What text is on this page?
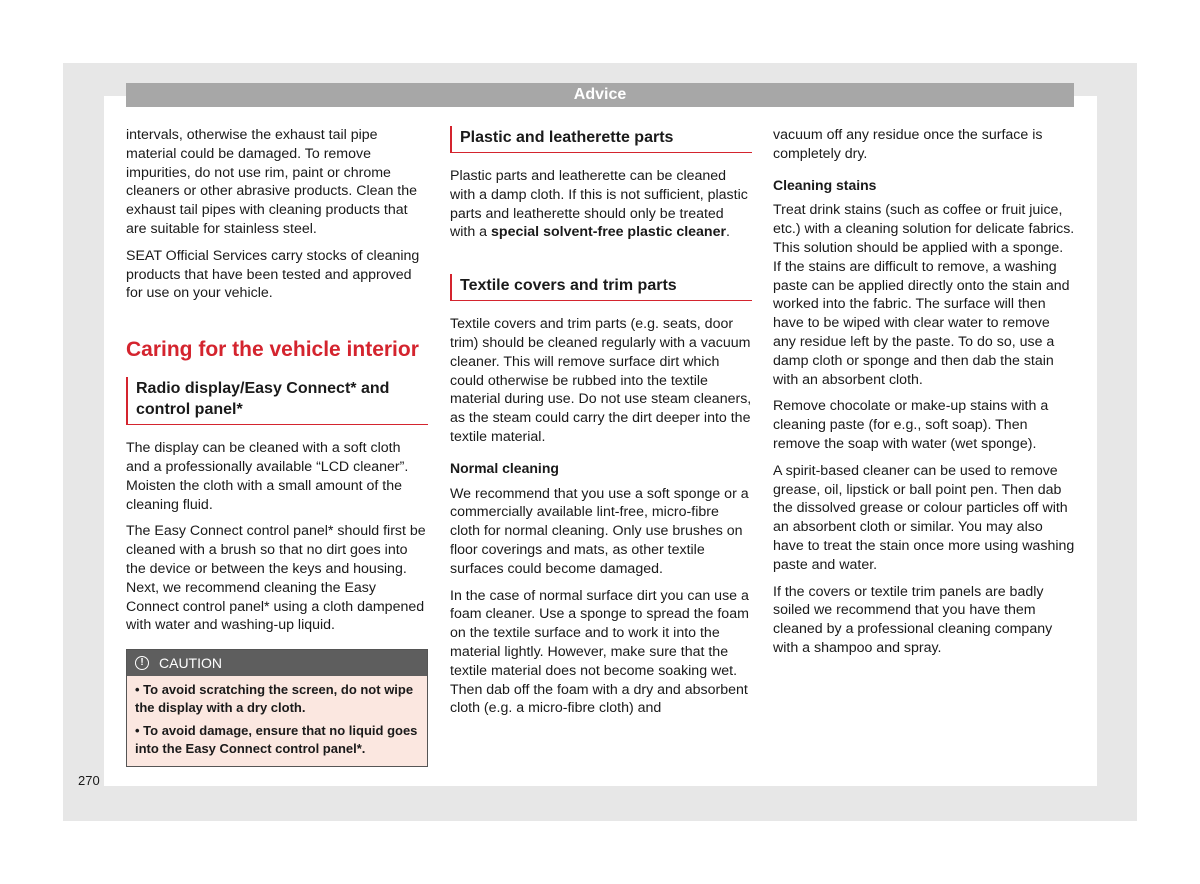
Advice

intervals, otherwise the exhaust tail pipe material could be damaged. To remove impurities, do not use rim, paint or chrome cleaners or other abrasive products. Clean the exhaust tail pipes with cleaning products that are suitable for stainless steel.

SEAT Official Services carry stocks of cleaning products that have been tested and approved for use on your vehicle.

Caring for the vehicle interior
Radio display/Easy Connect* and control panel*

The display can be cleaned with a soft cloth and a professionally available “LCD cleaner”. Moisten the cloth with a small amount of the cleaning fluid.

The Easy Connect control panel* should first be cleaned with a brush so that no dirt goes into the device or between the keys and housing. Next, we recommend cleaning the Easy Connect control panel* using a cloth dampened with water and washing-up liquid.

!	CAUTION

• To avoid scratching the screen, do not wipe the display with a dry cloth.

• To avoid damage, ensure that no liquid goes into the Easy Connect control panel*.

Plastic and leatherette parts

Plastic parts and leatherette can be cleaned with a damp cloth. If this is not sufficient, plastic parts and leatherette should only be treated with a special solvent-free plastic cleaner.

Textile covers and trim parts

Textile covers and trim parts (e.g. seats, door trim) should be cleaned regularly with a vacuum cleaner. This will remove surface dirt which could otherwise be rubbed into the textile material during use. Do not use steam cleaners, as the steam could carry the dirt deeper into the textile material.

Normal cleaning

We recommend that you use a soft sponge or a commercially available lint-free, micro-fibre cloth for normal cleaning. Only use brushes on floor coverings and mats, as other textile surfaces could become damaged.

In the case of normal surface dirt you can use a foam cleaner. Use a sponge to spread the foam on the textile surface and to work it into the material lightly. However, make sure that the textile material does not become soaking wet. Then dab off the foam with a dry and absorbent cloth (e.g. a micro-fibre cloth) and

vacuum off any residue once the surface is completely dry.

Cleaning stains

Treat drink stains (such as coffee or fruit juice, etc.) with a cleaning solution for delicate fabrics. This solution should be applied with a sponge. If the stains are difficult to remove, a washing paste can be applied directly onto the stain and worked into the fabric. The surface will then have to be wiped with clear water to remove any residue left by the paste. To do so, use a damp cloth or sponge and then dab the stain with an absorbent cloth.

Remove chocolate or make-up stains with a cleaning paste (for e.g., soft soap). Then remove the soap with water (wet sponge).

A spirit-based cleaner can be used to remove grease, oil, lipstick or ball point pen. Then dab the dissolved grease or colour particles off with an absorbent cloth or similar. You may also have to treat the stain once more using washing paste and water.

If the covers or textile trim panels are badly soiled we recommend that you have them cleaned by a professional cleaning company with a shampoo and spray.

270
